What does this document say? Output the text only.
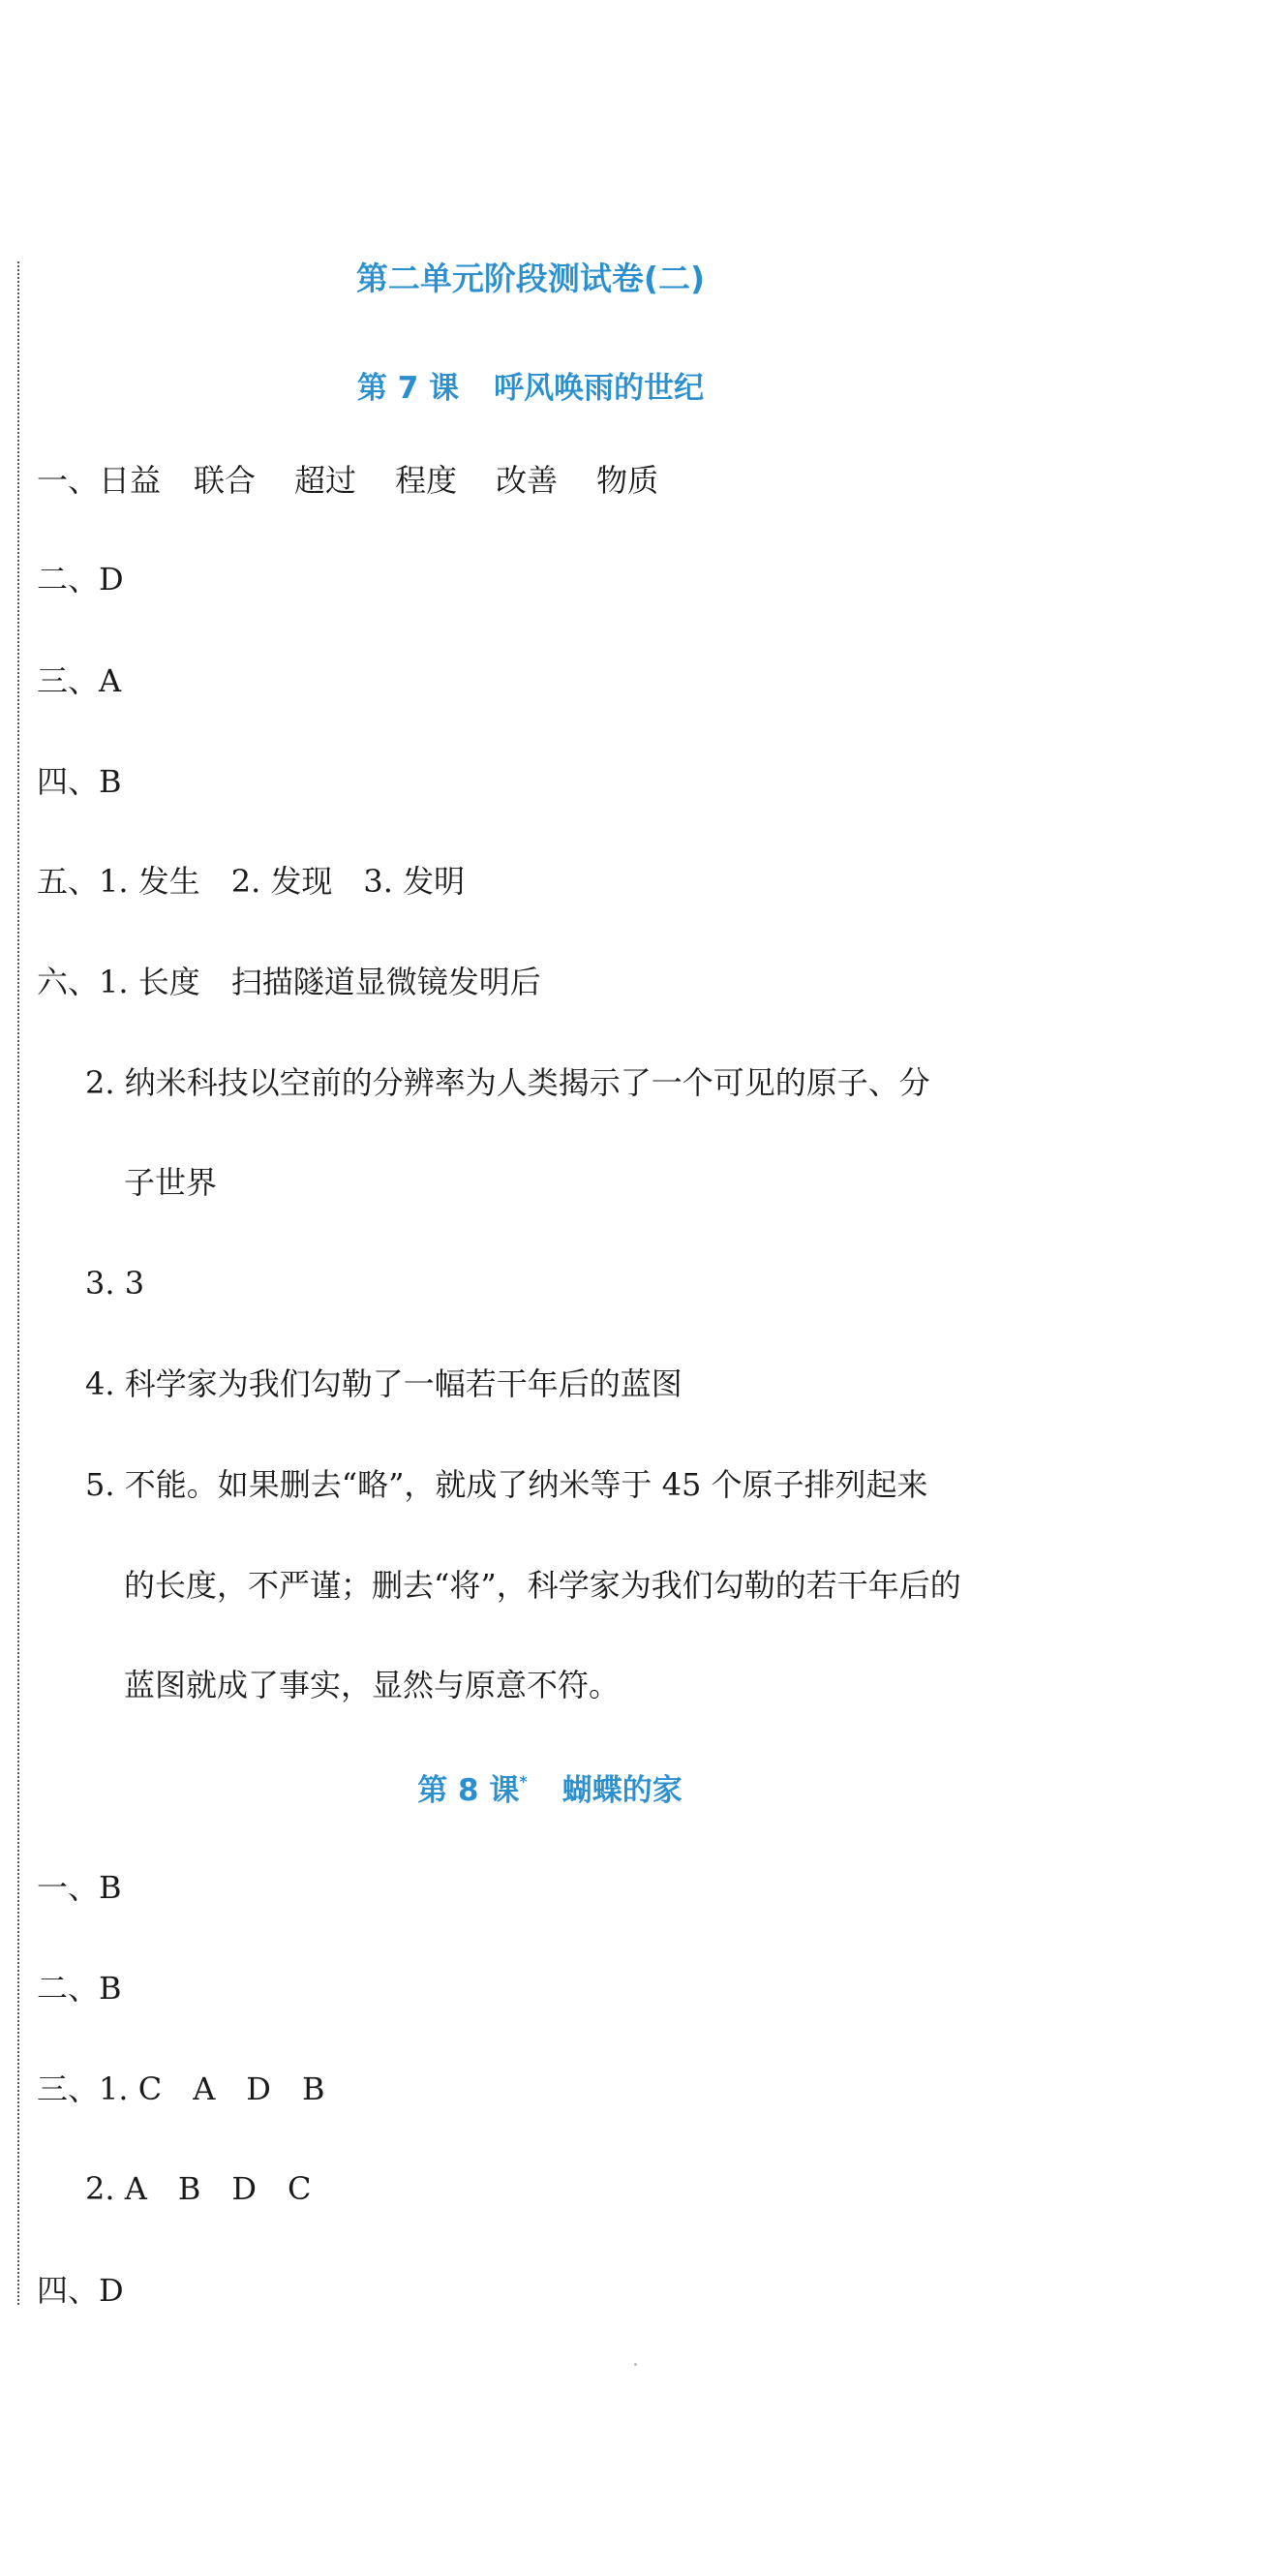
第二单元阶段测试卷(二)
第 7 课 呼风唤雨的世纪
一、日益 联合 超过 程度 改善 物质
二、D
三、A
四、B
五、1. 发生　2. 发现　3. 发明
六、1. 长度　扫描隧道显微镜发明后
2. 纳米科技以空前的分辨率为人类揭示了一个可见的原子、分
子世界
3. 3
4. 科学家为我们勾勒了一幅若干年后的蓝图
5. 不能。如果删去“略”，就成了纳米等于 45 个原子排列起来
的长度，不严谨；删去“将”，科学家为我们勾勒的若干年后的
蓝图就成了事实，显然与原意不符。
第 8 课* 蝴蝶的家
一、B
二、B
三、1. C　A　D　B
2. A　B　D　C
四、D
